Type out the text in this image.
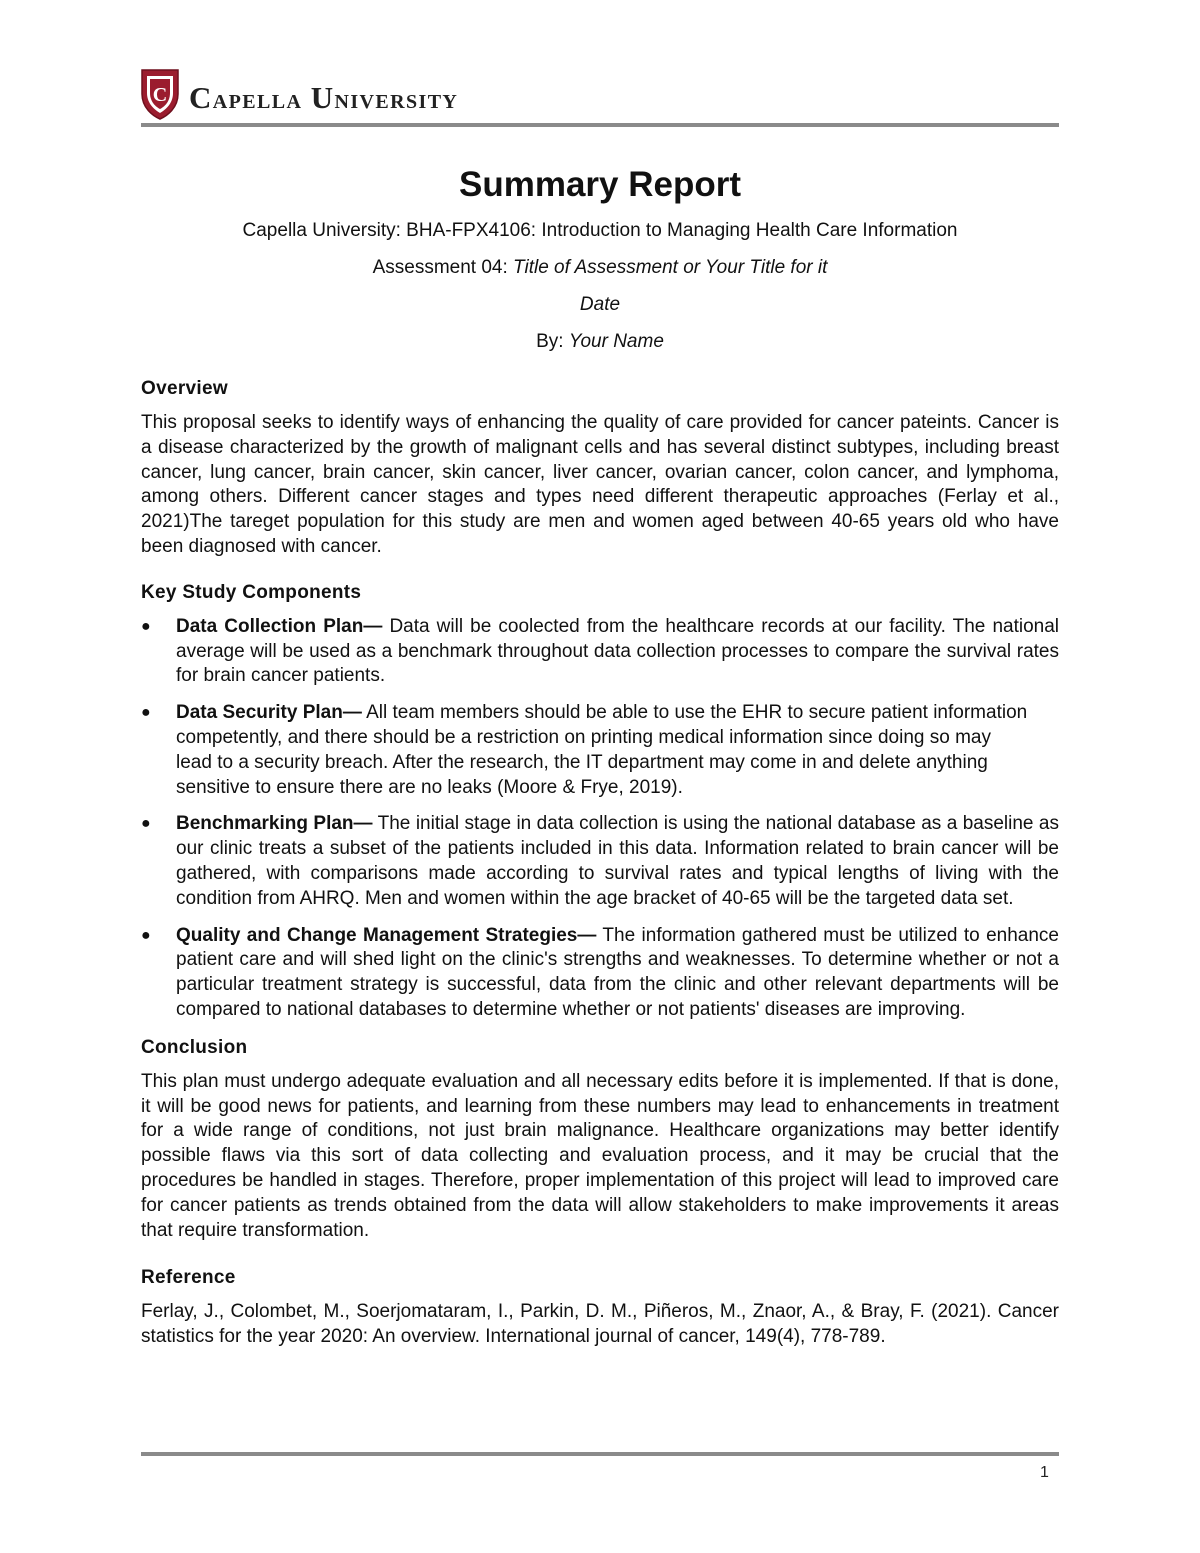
C Capella University
Summary Report
Capella University: BHA-FPX4106: Introduction to Managing Health Care Information
Assessment 04: Title of Assessment or Your Title for it
Date
By: Your Name
Overview

This proposal seeks to identify ways of enhancing the quality of care provided for cancer pateints. Cancer is a disease characterized by the growth of malignant cells and has several distinct subtypes, including breast cancer, lung cancer, brain cancer, skin cancer, liver cancer, ovarian cancer, colon cancer, and lymphoma, among others. Different cancer stages and types need different therapeutic approaches (Ferlay et al., 2021)The tareget population for this study are men and women aged between 40-65 years old who have been diagnosed with cancer.

Key Study Components
● Data Collection Plan— Data will be coolected from the healthcare records at our facility. The national average will be used as a benchmark throughout data collection processes to compare the survival rates for brain cancer patients.
● Data Security Plan— All team members should be able to use the EHR to secure patient information competently, and there should be a restriction on printing medical information since doing so may lead to a security breach. After the research, the IT department may come in and delete anything sensitive to ensure there are no leaks (Moore & Frye, 2019).
● Benchmarking Plan— The initial stage in data collection is using the national database as a baseline as our clinic treats a subset of the patients included in this data. Information related to brain cancer will be gathered, with comparisons made according to survival rates and typical lengths of living with the condition from AHRQ. Men and women within the age bracket of 40-65 will be the targeted data set.
● Quality and Change Management Strategies— The information gathered must be utilized to enhance patient care and will shed light on the clinic's strengths and weaknesses. To determine whether or not a particular treatment strategy is successful, data from the clinic and other relevant departments will be compared to national databases to determine whether or not patients' diseases are improving.
Conclusion

This plan must undergo adequate evaluation and all necessary edits before it is implemented. If that is done, it will be good news for patients, and learning from these numbers may lead to enhancements in treatment for a wide range of conditions, not just brain malignance. Healthcare organizations may better identify possible flaws via this sort of data collecting and evaluation process, and it may be crucial that the procedures be handled in stages. Therefore, proper implementation of this project will lead to improved care for cancer patients as trends obtained from the data will allow stakeholders to make improvements it areas that require transformation.

Reference

Ferlay, J., Colombet, M., Soerjomataram, I., Parkin, D. M., Piñeros, M., Znaor, A., & Bray, F. (2021). Cancer statistics for the year 2020: An overview. International journal of cancer, 149(4), 778-789.

1
